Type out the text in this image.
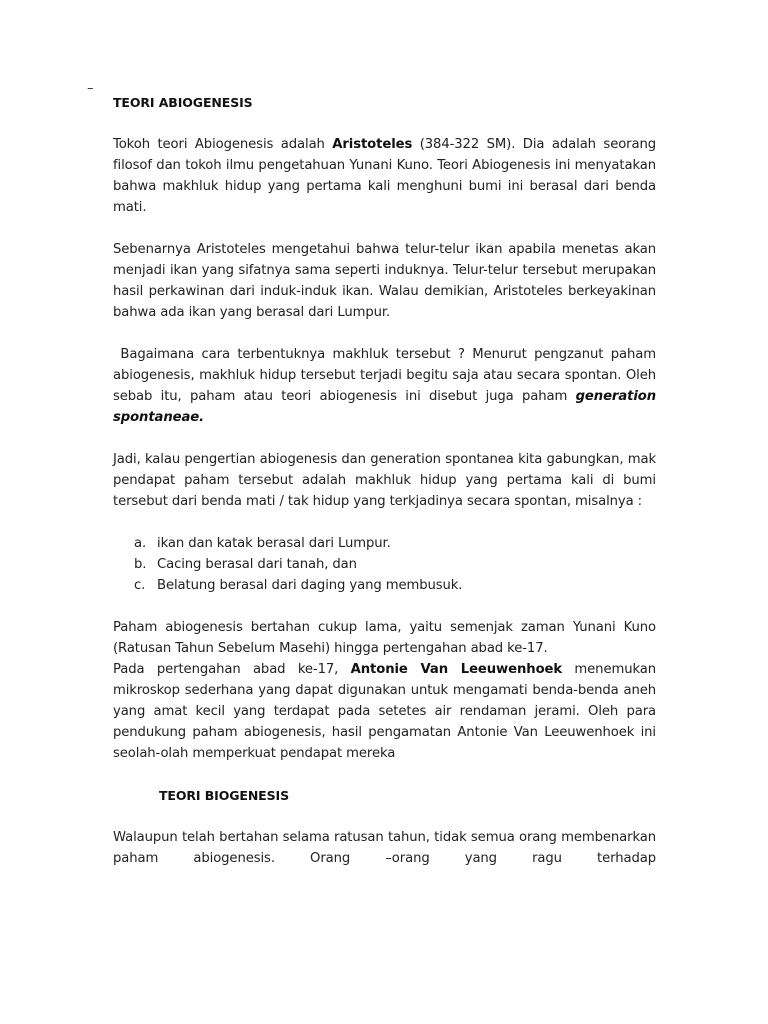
–
TEORI ABIOGENESIS

Tokoh teori Abiogenesis adalah Aristoteles (384-322 SM). Dia adalah seorang filosof dan tokoh ilmu pengetahuan Yunani Kuno. Teori Abiogenesis ini menyatakan bahwa makhluk hidup yang pertama kali menghuni bumi ini berasal dari benda mati.

Sebenarnya Aristoteles mengetahui bahwa telur-telur ikan apabila menetas akan menjadi ikan yang sifatnya sama seperti induknya. Telur-telur tersebut merupakan hasil perkawinan dari induk-induk ikan. Walau demikian, Aristoteles berkeyakinan bahwa ada ikan yang berasal dari Lumpur.

Bagaimana cara terbentuknya makhluk tersebut ? Menurut pengzanut paham abiogenesis, makhluk hidup tersebut terjadi begitu saja atau secara spontan. Oleh sebab itu, paham atau teori abiogenesis ini disebut juga paham generation spontaneae.

Jadi, kalau pengertian abiogenesis dan generation spontanea kita gabungkan, mak pendapat paham tersebut adalah makhluk hidup yang pertama kali di bumi tersebut dari benda mati / tak hidup yang terkjadinya secara spontan, misalnya :

a. ikan dan katak berasal dari Lumpur.
b. Cacing berasal dari tanah, dan
c. Belatung berasal dari daging yang membusuk.

Paham abiogenesis bertahan cukup lama, yaitu semenjak zaman Yunani Kuno (Ratusan Tahun Sebelum Masehi) hingga pertengahan abad ke-17.

Pada pertengahan abad ke-17, Antonie Van Leeuwenhoek menemukan mikroskop sederhana yang dapat digunakan untuk mengamati benda-benda aneh yang amat kecil yang terdapat pada setetes air rendaman jerami. Oleh para pendukung paham abiogenesis, hasil pengamatan Antonie Van Leeuwenhoek ini seolah-olah memperkuat pendapat mereka

TEORI BIOGENESIS

Walaupun telah bertahan selama ratusan tahun, tidak semua orang membenarkan paham abiogenesis. Orang –orang yang ragu terhadap
